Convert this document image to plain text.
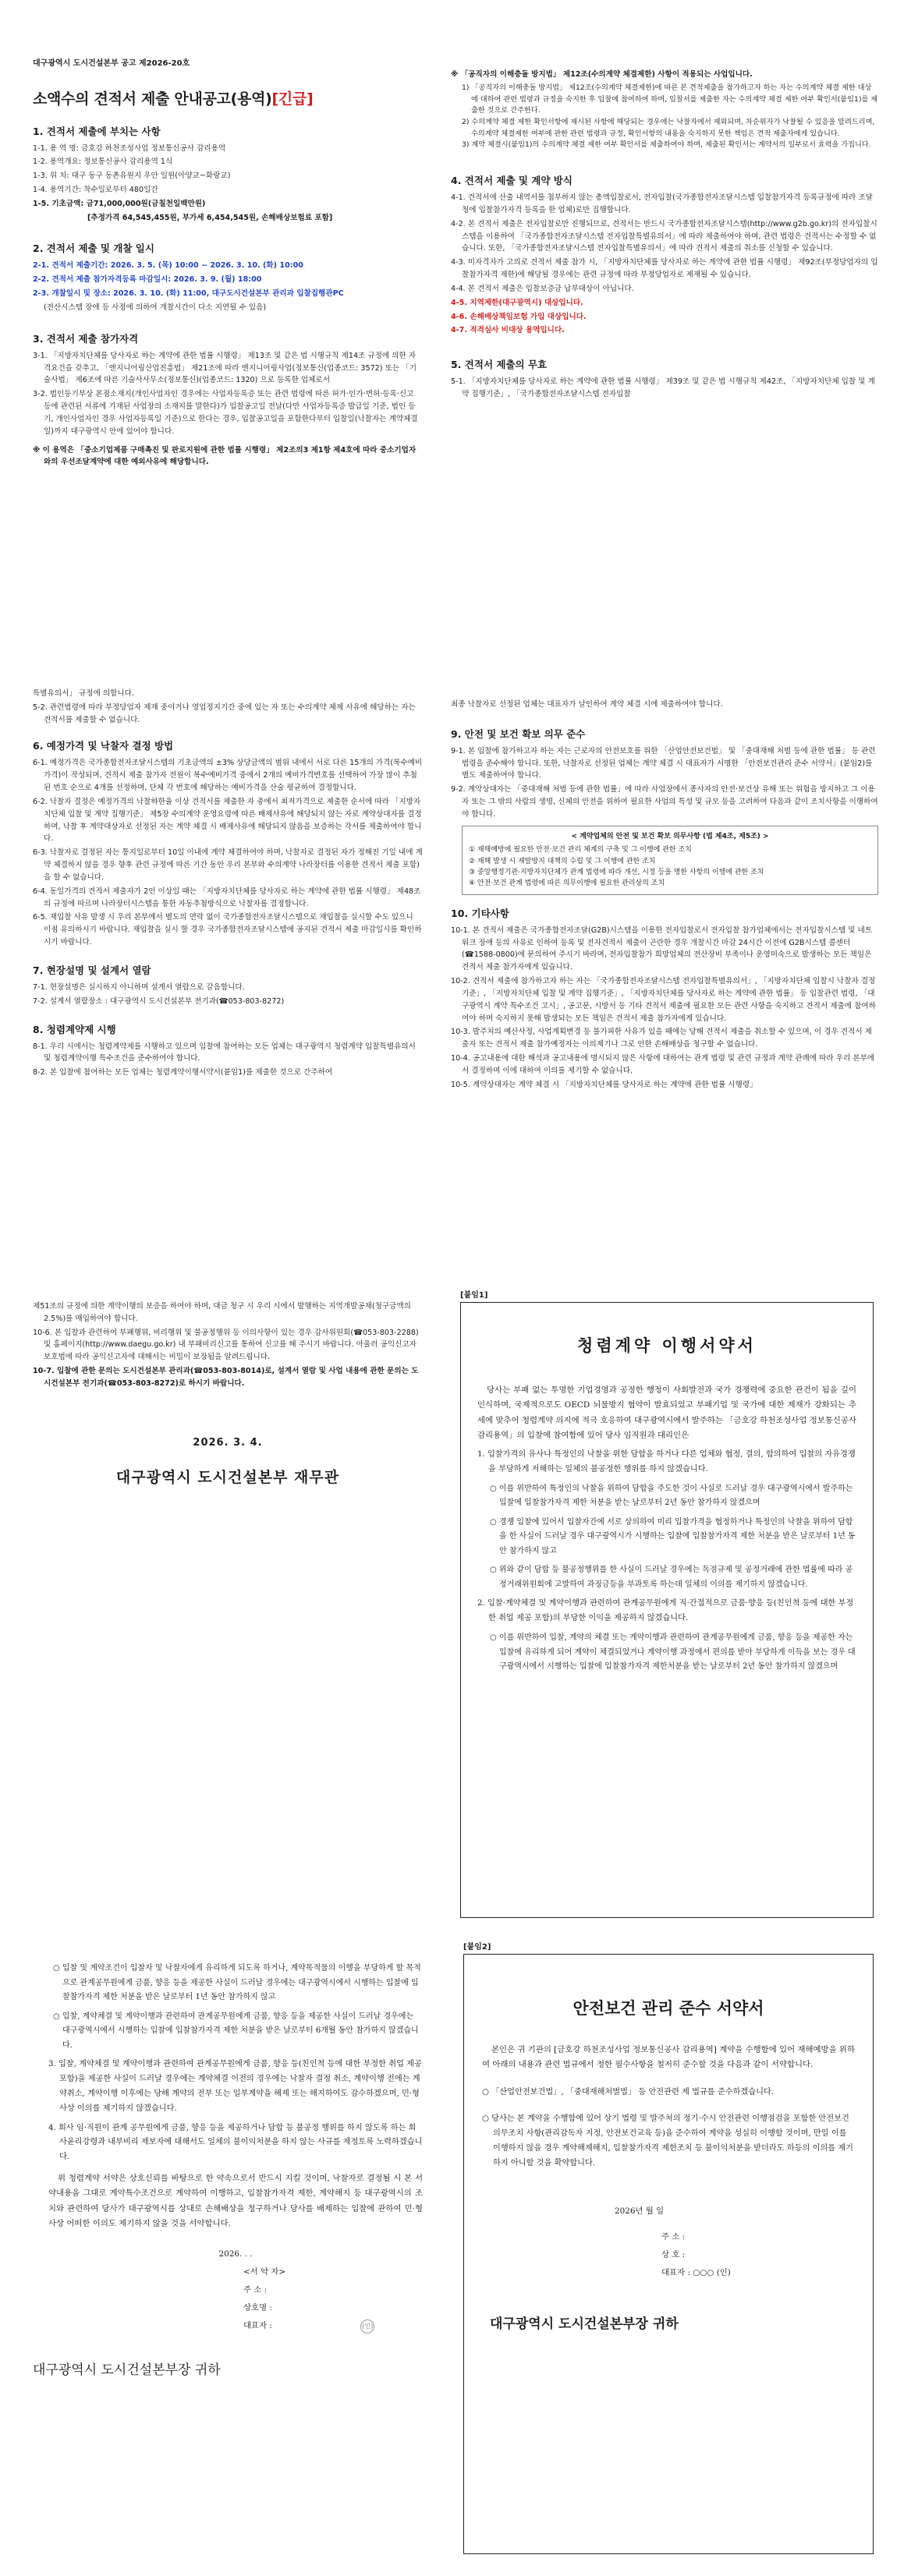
대구광역시 도시건설본부 공고 제2026-20호
소액수의 견적서 제출 안내공고(용역)[긴급]
1. 견적서 제출에 부치는 사항
1-1. 용 역 명: 금호강 하천조성사업 정보통신공사 감리용역
1-2. 용역개요: 정보통신공사 감리용역 1식
1-3. 위 치: 대구 동구 동촌유원지 우안 일원(아양교~화랑교)
1-4. 용역기간: 착수일로부터 480일간
1-5. 기초금액: 금71,000,000원(금칠천일백만원)
[추정가격 64,545,455원, 부가세 6,454,545원, 손해배상보험료 포함]
2. 견적서 제출 및 개찰 일시
2-1. 견적서 제출기간: 2026. 3. 5. (목) 10:00 ~ 2026. 3. 10. (화) 10:00
2-2. 견적서 제출 참가자격등록 마감일시: 2026. 3. 9. (월) 18:00
2-3. 개찰일시 및 장소: 2026. 3. 10. (화) 11:00, 대구도시건설본부 관리과 입찰집행관PC
(전산시스템 장애 등 사정에 의하여 개찰시간이 다소 지연될 수 있음)
3. 견적서 제출 참가자격
3-1. 「지방자치단체를 당사자로 하는 계약에 관한 법률 시행령」 제13조 및 같은 법 시행규칙 제14조 규정에 의한 자격요건을 갖추고, 「엔지니어링산업진흥법」 제21조에 따라 엔지니어링사업(정보통신(업종코드: 3572) 또는 「기술사법」 제6조에 따른 기술사사무소(정보통신)(업종코드: 1320) 으로 등록한 업체로서
3-2. 법인등기부상 본점소재지(개인사업자인 경우에는 사업자등록증 또는 관련 법령에 따른 허가·인가·면허·등록·신고 등에 관련된 서류에 기재된 사업장의 소재지를 말한다)가 입찰공고일 전날(다만 사업자등록증 발급일 기준, 법인 등기, 개인사업자인 경우 사업자등록일 기준)으로 한다는 경우, 입찰공고일을 포함한다부터 입찰일(낙찰자는 계약체결일)까지 대구광역시 안에 있어야 합니다.
※ 이 용역은 「중소기업제품 구매촉진 및 판로지원에 관한 법률 시행령」 제2조의3 제1항 제4호에 따라 중소기업자와의 우선조달계약에 대한 예외사유에 해당합니다.
※ 「공직자의 이해충돌 방지법」 제12조(수의계약 체결제한) 사항이 적용되는 사업입니다.
1) 「공직자의 이해충돌 방지법」 제12조(수의계약 체결제한)에 따른 본 견적제출을 참가하고자 하는 자는 수의계약 체결 제한 대상에 대하여 관련 법령과 규정을 숙지한 후 입찰에 참여하여 하며, 입찰서를 제출한 자는 수의계약 체결 제한 여부 확인서(붙임1)를 제출한 것으로 간주한다.
2) 수의계약 체결 제한 확인서항에 제시된 사항에 해당되는 경우에는 낙찰자에서 제외되며, 차순위자가 낙찰될 수 있음을 알려드리며, 수의계약 체결제한 여부에 관한 관련 법령과 규정, 확인서항의 내용을 숙지하지 못한 책임은 견적 제출자에게 있습니다.
3) 계약 체결시(붙임1)의 수의계약 체결 제한 여부 확인서를 제출하여야 하며, 제출된 확인서는 계약서의 일부로서 효력을 가집니다.
4. 견적서 제출 및 계약 방식
4-1. 견적서에 산출 내역서를 첨부하지 않는 총액입찰로서, 전자입찰(국가종합전자조달시스템 입찰참가자격 등록규정에 따라 조달청에 입찰참가자격 등록을 한 업체)로만 집행합니다.
4-2. 본 견적서 제출은 전자입찰로만 진행되므로, 견적서는 반드시 국가종합전자조달시스템(http://www.g2b.go.kr)의 전자입찰시스템을 이용하여 「국가종합전자조달시스템 전자입찰특별유의서」에 따라 제출하여야 하며, 관련 법령은 견적서는 수정할 수 없습니다. 또한, 「국가종합전자조달시스템 전자입찰특별유의서」에 따라 견적서 제출의 취소를 신청할 수 있습니다.
4-3. 미자격자가 고의로 견적서 제출 참가 시, 「지방자치단체를 당사자로 하는 계약에 관한 법률 시행령」 제92조(부정당업자의 입찰참가자격 제한)에 해당될 경우에는 관련 규정에 따라 부정당업자로 제재될 수 있습니다.
4-4. 본 견적서 제출은 입찰보증금 납부대상이 아닙니다.
4-5. 지역제한(대구광역시) 대상입니다.
4-6. 손해배상책임보험 가입 대상입니다.
4-7. 적격심사 비대상 용역입니다.
5. 견적서 제출의 무효
5-1. 「지방자치단체를 당사자로 하는 계약에 관한 법률 시행령」 제39조 및 같은 법 시행규칙 제42조, 「지방자치단체 입찰 및 계약 집행기준」, 「국가종합전자조달시스템 전자입찰
특별유의서」 규정에 의합니다.
5-2. 관련법령에 따라 부정당업자 제재 중이거나 영업정지기간 중에 있는 자 또는 수의계약 체제 사유에 해당하는 자는 견적서를 제출할 수 없습니다.
6. 예정가격 및 낙찰자 결정 방법
6-1. 예정가격은 국가종합전자조달시스템의 기초금액의 ±3% 상당금액의 범위 내에서 서로 다른 15개의 가격(복수예비가격)이 작성되며, 견적서 제출 참가자 전원이 복수예비가격 중에서 2개의 예비가격번호를 선택하여 가장 많이 추첨된 번호 순으로 4개를 선정하며, 단체 각 번호에 해당하는 예비가격을 산술 평균하여 결정합니다.
6-2. 낙찰자 결정은 예정가격의 낙찰하한율 이상 견적서를 제출한 자 중에서 최저가격으로 제출한 순서에 따라 「지방자치단체 입찰 및 계약 집행기준」 제5장 수의계약 운영요령에 따른 배제사유에 해당되지 않는 자로 계약상대자를 결정하며, 낙찰 후 계약대상자로 선정된 자는 계약 체결 시 배제사유에 해당되지 않음을 보증하는 각서를 제출하여야 합니다.
6-3. 낙찰자로 결정된 자는 통지일로부터 10일 이내에 계약 체결하여야 하며, 낙찰자로 결정된 자가 정해진 기일 내에 계약 체결하지 않을 경우 향후 관련 규정에 따른 기간 동안 우리 본부와 수의계약 나라장터를 이용한 견적서 제출 포함)을 할 수 없습니다.
6-4. 동일가격의 견적서 제출자가 2인 이상일 때는 「지방자치단체를 당사자로 하는 계약에 관한 법률 시행령」 제48조의 규정에 따르며 나라장터시스템을 통한 자동추첨방식으로 낙찰자를 결정합니다.
6-5. 재입찰 사유 발생 시 우리 본부에서 별도의 연락 없이 국가종합전자조달시스템으로 재입찰을 실시할 수도 있으니 이점 유의하시기 바랍니다. 재입찰을 실시 할 경우 국가종합전자조달시스템에 공지된 견적서 제출 마감일시를 확인하시기 바랍니다.
7. 현장설명 및 설계서 열람
7-1. 현장설명은 실시하지 아니하며 설계서 열람으로 갈음합니다.
7-2. 설계서 열람장소 : 대구광역시 도시건설본부 전기과(☎053-803-8272)
8. 청렴계약제 시행
8-1. 우리 시에서는 청렴계약제를 시행하고 있으며 입찰에 참여하는 모든 업체는 대구광역시 청렴계약 입찰특별유의서 및 청렴계약이행 특수조건을 준수하여야 합니다.
8-2. 본 입찰에 참여하는 모든 업체는 청렴계약이행서약서(붙임1)를 제출한 것으로 간주하여
최종 낙찰자로 선정된 업체는 대표자가 날인하여 계약 체결 시에 제출하여야 합니다.
9. 안전 및 보건 확보 의무 준수
9-1. 본 입찰에 참가하고자 하는 자는 근로자의 안전보호를 위한 「산업안전보건법」 및 「중대재해 처벌 등에 관한 법률」 등 관련 법령을 준수해야 합니다. 또한, 낙찰자로 선정된 업체는 계약 체결 시 대표자가 서명한 「안전보건관리 준수 서약서」(붙임2)를 별도 제출하여야 합니다.
9-2. 계약상대자는 「중대재해 처벌 등에 관한 법률」에 따라 사업장에서 종사자의 안전·보건상 유해 또는 위험을 방지하고 그 이용자 또는 그 밖의 사람의 생명, 신체의 안전을 위하여 필요한 사업의 특성 및 규모 등을 고려하여 다음과 같이 조치사항을 이행하여야 합니다.
< 계약업체의 안전 및 보건 확보 의무사항 (법 제4조, 제5조) >
① 재해예방에 필요한 안전·보건 관리 체계의 구축 및 그 이행에 관한 조치
② 재해 발생 시 재발방지 대책의 수립 및 그 이행에 관한 조치
③ 중앙행정기관·지방자치단체가 관계 법령에 따라 개선, 시정 등을 명한 사항의 이행에 관한 조치
④ 안전·보건 관계 법령에 따른 의무이행에 필요한 관리상의 조치
10. 기타사항
10-1. 본 견적서 제출은 국가종합전자조달(G2B)시스템을 이용한 전자입찰로서 전자입찰 참가업체에서는 전자입찰시스템 및 네트워크 장애 등의 사유로 인하여 등록 및 전자견적서 제출이 곤란한 경우 개찰시간 마감 24시간 이전에 G2B시스템 콜센터(☎1588-0800)에 문의하여 주시기 바라며, 전자입찰참가 희망업체의 전산장비 부족이나 운영미숙으로 발생하는 모든 책임은 견적서 제출 참가자에게 있습니다.
10-2. 견적서 제출에 참가하고자 하는 자는 「국가종합전자조달시스템 전자입찰특별유의서」, 「지방자치단체 입찰시 낙찰자 결정기준」, 「지방자치단체 입찰 및 계약 집행기준」, 「지방자치단체를 당사자로 하는 계약에 관한 법률」 등 입찰관련 법령, 「대구광역시 계약 특수조건 고시」, 공고문, 시방서 등 기타 견적서 제출에 필요한 모든 관련 사항을 숙지하고 견적서 제출에 참여하여야 하며 숙지하지 못해 발생되는 모든 책임은 견적서 제출 참가자에게 있습니다.
10-3. 발주처의 예산사정, 사업계획변경 등 불가피한 사유가 있을 때에는 당해 견적서 제출을 취소할 수 있으며, 이 경우 견적서 제출자 또는 견적서 제출 참가예정자는 이의제기나 그로 인한 손해배상을 청구할 수 없습니다.
10-4. 공고내용에 대한 해석과 공고내용에 명시되지 않은 사항에 대하여는 관계 법령 및 관련 규정과 계약 관례에 따라 우리 본부에서 결정하며 이에 대하여 이의를 제기할 수 없습니다.
10-5. 계약상대자는 계약 체결 시 「지방자치단체를 당사자로 하는 계약에 관한 법률 시행령」
제51조의 규정에 의한 계약이행의 보증을 하여야 하며, 대금 청구 시 우리 시에서 발행하는 지역개발공채(청구금액의 2.5%)를 매입하여야 합니다.
10-6. 본 입찰과 관련하여 부패행위, 비리행위 및 불공정행위 등 이의사항이 있는 경우 감사위원회(☎053-803-2288) 및 홈페이지(http://www.daegu.go.kr) 내 부패비리신고를 통하여 신고를 해 주시기 바랍니다. 아울러 공익신고자보호법에 따라 공익신고자에 대해서는 비밀이 보장됨을 알려드립니다.
10-7. 입찰에 관한 문의는 도시건설본부 관리과(☎053-803-8014)로, 설계서 열람 및 사업 내용에 관한 문의는 도시건설본부 전기과(☎053-803-8272)로 하시기 바랍니다.
2026. 3. 4.
대구광역시 도시건설본부 재무관
[붙임1]
청렴계약 이행서약서
당사는 부패 없는 투명한 기업경영과 공정한 행정이 사회발전과 국가 경쟁력에 중요한 관건이 됨을 깊이 인식하며, 국제적으로도 OECD 뇌물방지 협약이 발효되었고 부패기업 및 국가에 대한 제재가 강화되는 추세에 맞추어 청렴계약 의지에 적극 호응하여 대구광역시에서 발주하는 「금호강 하천조성사업 정보통신공사 감리용역」의 입찰에 참여함에 있어 당사 임직원과 대리인은
1. 입찰가격의 유사나 특정인의 낙찰을 위한 담합을 하거나 다른 업체와 협정, 결의, 합의하여 입찰의 자유경쟁을 부당하게 저해하는 일체의 불공정한 행위를 하지 않겠습니다.
○ 이를 위반하여 특정인의 낙찰을 위하여 담합을 주도한 것이 사실로 드러날 경우 대구광역시에서 발주하는 입찰에 입찰참가자격 제한 처분을 받는 날로부터 2년 동안 참가하지 않겠으며
○ 경쟁 입찰에 있어서 입찰자간에 서로 상의하여 미리 입찰가격을 협정하거나 특정인의 낙찰을 위하여 담합을 한 사실이 드러날 경우 대구광역시가 시행하는 입찰에 입찰참가자격 제한 처분을 받은 날로부터 1년 동안 참가하지 않고
○ 위와 같이 담합 등 불공정행위를 한 사실이 드러날 경우에는 독점규제 및 공정거래에 관한 법률에 따라 공정거래위원회에 고발하여 과징금등을 부과토록 하는데 일체의 이의를 제기하지 않겠습니다.
2. 입찰·계약체결 및 계약이행과 관련하여 관계공무원에게 직·간접적으로 금품·향응 등(친인척 등에 대한 부정한 취업 제공 포함)의 부당한 이익을 제공하지 않겠습니다.
○ 이를 위반하여 입찰, 계약의 체결 또는 계약이행과 관련하여 관계공무원에게 금품, 향응 등을 제공한 자는 입찰에 유리하게 되어 계약이 체결되었거나 계약이행 과정에서 편의를 받아 부당하게 이득을 보는 경우 대구광역시에서 시행하는 입찰에 입찰참가자격 제한처분을 받는 날로부터 2년 동안 참가하지 않겠으며
○ 입찰 및 계약조건이 입찰자 및 낙찰자에게 유리하게 되도록 하거나, 계약목적물의 이행을 부당하게 할 목적으로 관계공무원에게 금품, 향응 등을 제공한 사실이 드러날 경우에는 대구광역시에서 시행하는 입찰에 입찰참가자격 제한 처분을 받은 날로부터 1년 동안 참가하지 않고
○ 입찰, 계약체결 및 계약이행과 관련하여 관계공무원에게 금품, 향응 등을 제공한 사실이 드러날 경우에는 대구광역시에서 시행하는 입찰에 입찰참가자격 제한 처분을 받은 날로부터 6개월 동안 참가하지 않겠습니다.
3. 입찰, 계약체결 및 계약이행과 관련하여 관계공무원에게 금품, 향응 등(친인척 등에 대한 부정한 취업 제공 포함)을 제공한 사실이 드러날 경우에는 계약체결 이전의 경우에는 낙찰자 결정 취소, 계약이행 전에는 계약취소, 계약이행 이후에는 당해 계약의 전부 또는 일부계약을 해제 또는 해지하여도 감수하겠으며, 민·형사상 이의를 제기하지 않겠습니다.
4. 회사 임·직원이 관계 공무원에게 금품, 향응 등을 제공하거나 담합 등 불공정 행위를 하지 않도록 하는 회사윤리강령과 내부비리 제보자에 대해서도 일체의 불이익처분을 하지 않는 사규를 제정토록 노력하겠습니다.
위 청렴계약 서약은 상호신뢰를 바탕으로 한 약속으로서 반드시 지킬 것이며, 낙찰자로 결정될 시 본 서약내용을 그대로 계약특수조건으로 계약하여 이행하고, 입찰참가자격 제한, 계약해지 등 대구광역시의 조치와 관련하여 당사가 대구광역시를 상대로 손해배상을 청구하거나 당사를 배제하는 입찰에 관하여 민·형사상 어떠한 이의도 제기하지 않을 것을 서약합니다.
2026. . .
<서 약 자>
주 소 :
상호명 :
대표자 :	(인)
대구광역시 도시건설본부장 귀하
[붙임2]
안전보건 관리 준수 서약서
본인은 귀 기관의 [금호강 하천조성사업 정보통신공사 감리용역] 계약을 수행함에 있어 재해예방을 위하여 아래의 내용과 관련 법규에서 정한 필수사항을 철저히 준수할 것을 다음과 같이 서약합니다.
○ 「산업안전보건법」, 「중대재해처벌법」 등 안전관련 제 법규를 준수하겠습니다.
○ 당사는 본 계약을 수행함에 있어 상기 법령 및 발주처의 정기·수시 안전관련 이행점검을 포함한 안전보건 의무조치 사항(관리감독자 지정, 안전보건교육 등)을 준수하여 계약을 성실히 이행할 것이며, 만일 이를 이행하지 않을 경우 계약해제해지, 입찰참가자격 제한조치 등 불이익처분을 받더라도 하등의 이의를 제기하지 아니할 것을 확약합니다.
2026년 월 일
주 소 :
상 호 :
대표자 : ○○○ (인)
대구광역시 도시건설본부장 귀하
